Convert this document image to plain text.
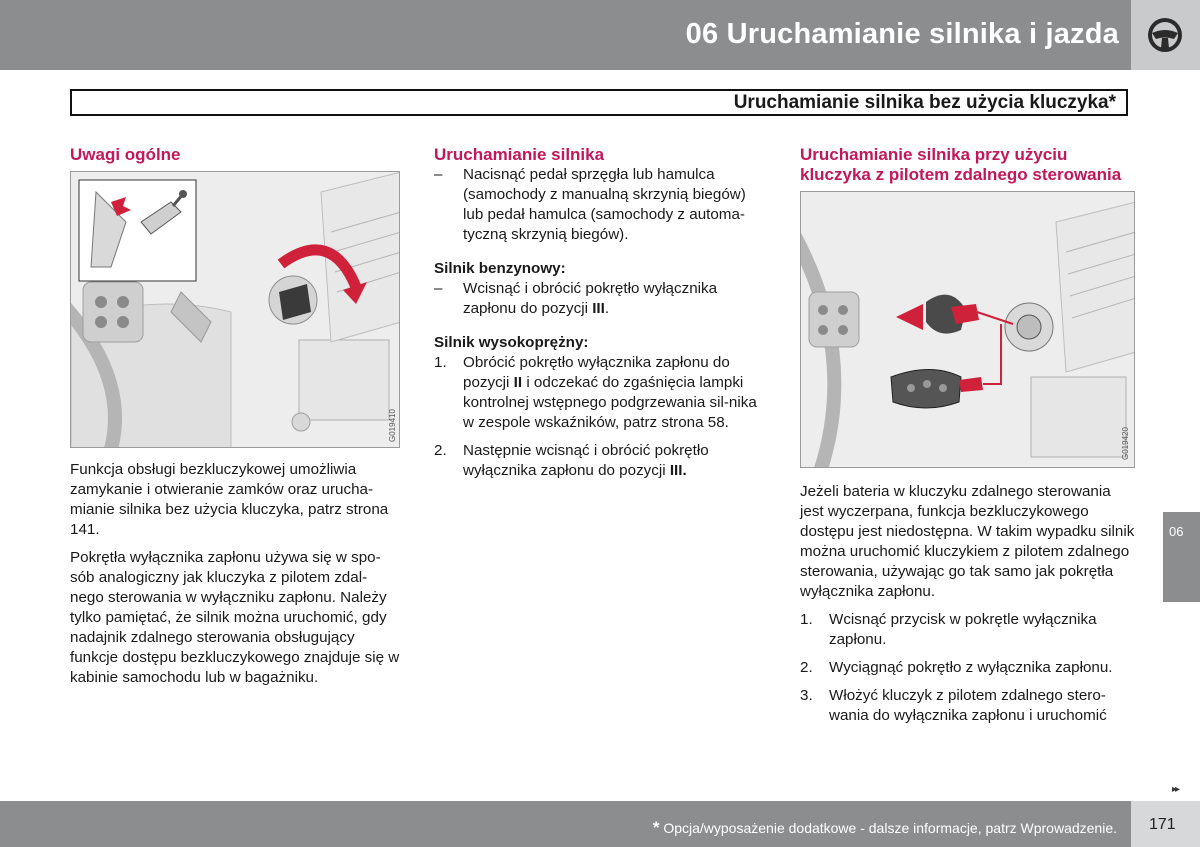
06 Uruchamianie silnika i jazda
Uruchamianie silnika bez użycia kluczyka*
Uwagi ogólne
G019410

Funkcja obsługi bezkluczykowej umożliwia zamykanie i otwieranie zamków oraz urucha-mianie silnika bez użycia kluczyka, patrz strona 141.

Pokrętła wyłącznika zapłonu używa się w spo-sób analogiczny jak kluczyka z pilotem zdal-nego sterowania w wyłączniku zapłonu. Należy tylko pamiętać, że silnik można uruchomić, gdy nadajnik zdalnego sterowania obsługujący funkcje dostępu bezkluczykowego znajduje się w kabinie samochodu lub w bagażniku.

Uruchamianie silnika
– Nacisnąć pedał sprzęgła lub hamulca (samochody z manualną skrzynią biegów) lub pedał hamulca (samochody z automa-tyczną skrzynią biegów).
Silnik benzynowy:
– Wcisnąć i obrócić pokrętło wyłącznika zapłonu do pozycji III.
Silnik wysokoprężny:
1. Obrócić pokrętło wyłącznika zapłonu do pozycji II i odczekać do zgaśnięcia lampki kontrolnej wstępnego podgrzewania sil-nika w zespole wskaźników, patrz strona 58.
2. Następnie wcisnąć i obrócić pokrętło wyłącznika zapłonu do pozycji III.
Uruchamianie silnika przy użyciu kluczyka z pilotem zdalnego sterowania
G019420

Jeżeli bateria w kluczyku zdalnego sterowania jest wyczerpana, funkcja bezkluczykowego dostępu jest niedostępna. W takim wypadku silnik można uruchomić kluczykiem z pilotem zdalnego sterowania, używając go tak samo jak pokrętła wyłącznika zapłonu.

1. Wcisnąć przycisk w pokrętle wyłącznika zapłonu.
2. Wyciągnąć pokrętło z wyłącznika zapłonu.
3. Włożyć kluczyk z pilotem zdalnego stero-wania do wyłącznika zapłonu i uruchomić
06
▸▸
* Opcja/wyposażenie dodatkowe - dalsze informacje, patrz Wprowadzenie. 171
